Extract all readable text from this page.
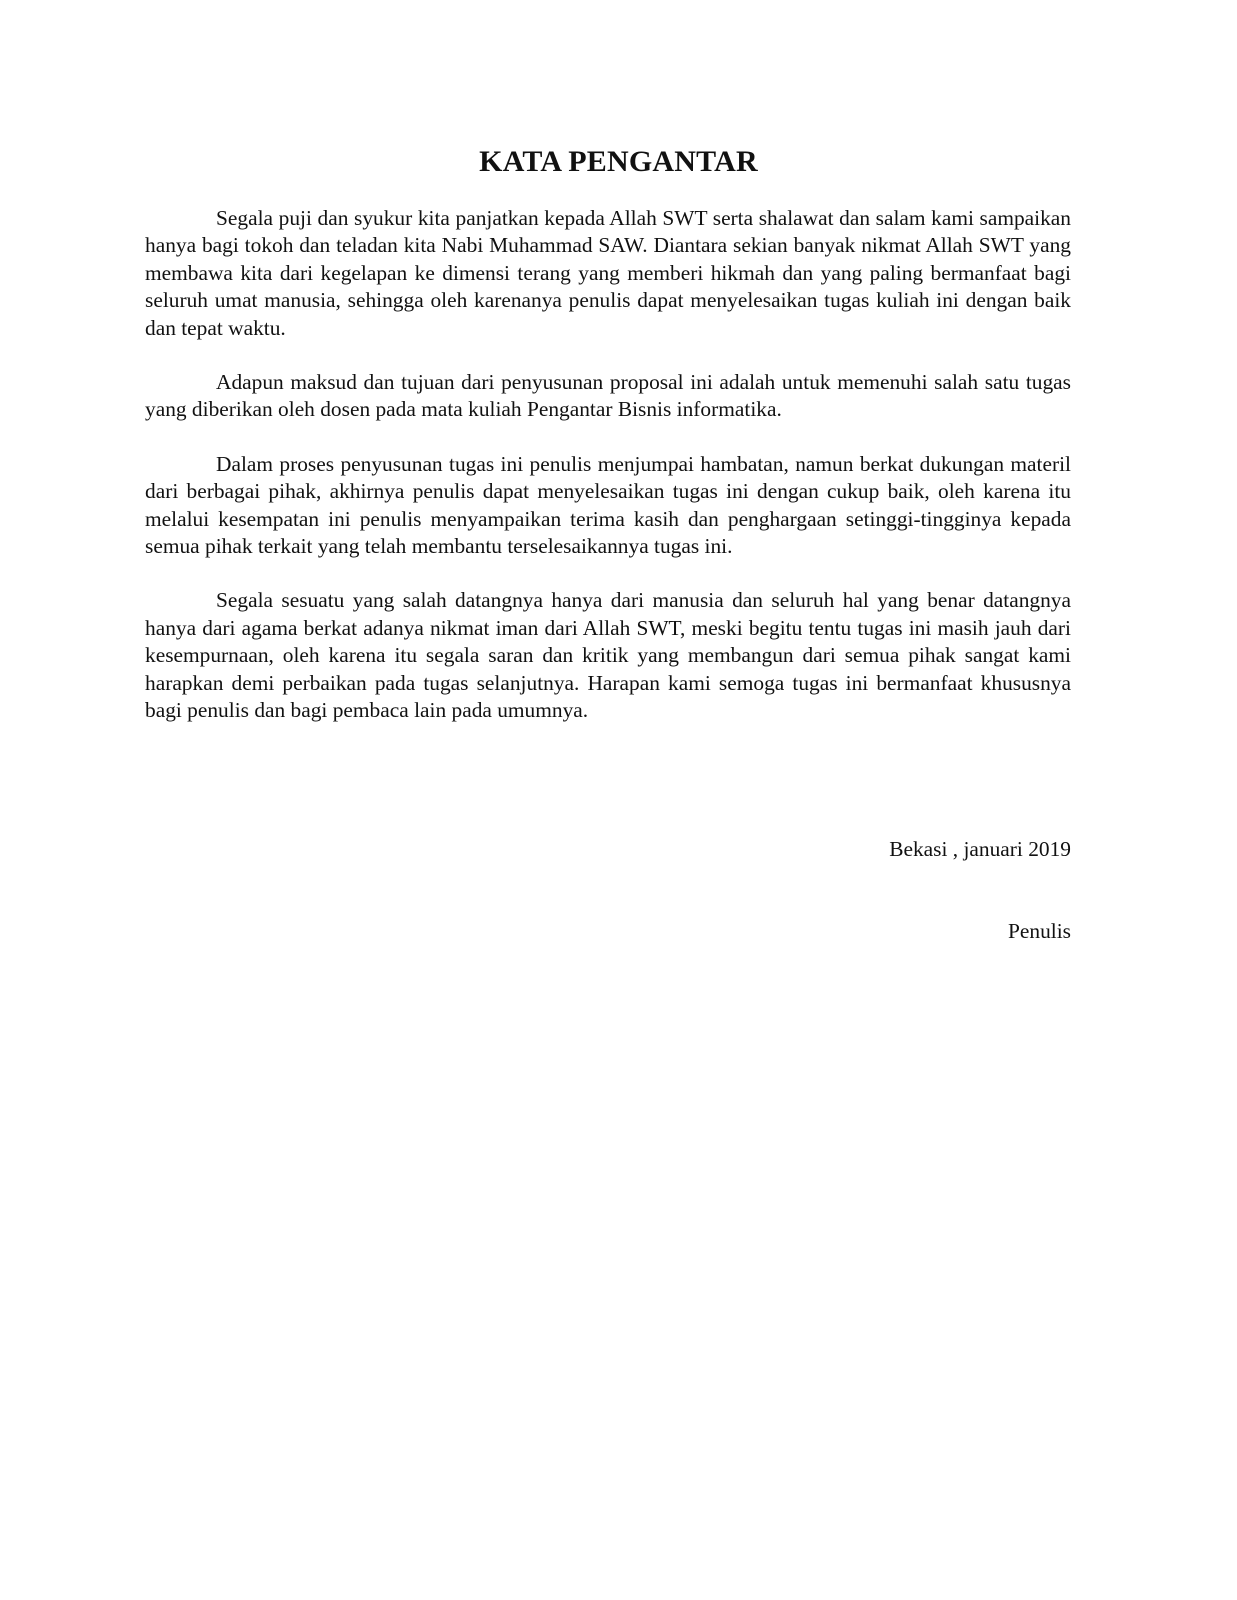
KATA PENGANTAR

Segala puji dan syukur kita panjatkan kepada Allah SWT serta shalawat dan salam kami sampaikan hanya bagi tokoh dan teladan kita Nabi Muhammad SAW. Diantara sekian banyak nikmat Allah SWT yang membawa kita dari kegelapan ke dimensi terang yang memberi hikmah dan yang paling bermanfaat bagi seluruh umat manusia, sehingga oleh karenanya penulis dapat menyelesaikan tugas kuliah ini dengan baik dan tepat waktu.

Adapun maksud dan tujuan dari penyusunan proposal ini adalah untuk memenuhi salah satu tugas yang diberikan oleh dosen pada mata kuliah Pengantar Bisnis informatika.

Dalam proses penyusunan tugas ini penulis menjumpai hambatan, namun berkat dukungan materil dari berbagai pihak, akhirnya penulis dapat menyelesaikan tugas ini dengan cukup baik, oleh karena itu melalui kesempatan ini penulis menyampaikan terima kasih dan penghargaan setinggi-tingginya kepada semua pihak terkait yang telah membantu terselesaikannya tugas ini.

Segala sesuatu yang salah datangnya hanya dari manusia dan seluruh hal yang benar datangnya hanya dari agama berkat adanya nikmat iman dari Allah SWT, meski begitu tentu tugas ini masih jauh dari kesempurnaan, oleh karena itu segala saran dan kritik yang membangun dari semua pihak sangat kami harapkan demi perbaikan pada tugas selanjutnya. Harapan kami semoga tugas ini bermanfaat khususnya bagi penulis dan bagi pembaca lain pada umumnya.

Bekasi , januari 2019

Penulis
